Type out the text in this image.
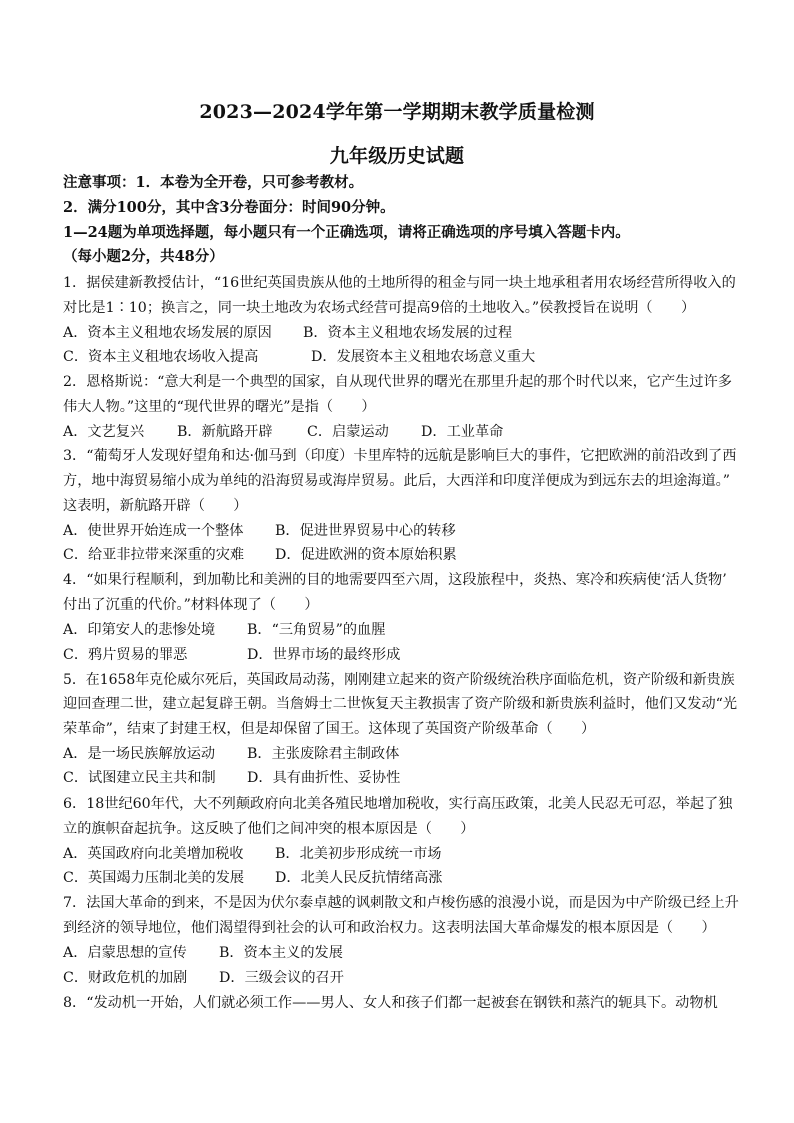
2023—2024学年第一学期期末教学质量检测
九年级历史试题
注意事项：1．本卷为全开卷，只可参考教材。
2．满分100分，其中含3分卷面分：时间90分钟。
1—24题为单项选择题，每小题只有一个正确选项，请将正确选项的序号填入答题卡内。
（每小题2分，共48分）
1．据侯建新教授估计，“16世纪英国贵族从他的土地所得的租金与同一块土地承租者用农场经营所得收入的
对比是1∶10；换言之，同一块土地改为农场式经营可提高9倍的土地收入。”侯教授旨在说明（　　）
A．资本主义租地农场发展的原因 B．资本主义租地农场发展的过程
C．资本主义租地农场收入提高	D．发展资本主义租地农场意义重大
2．恩格斯说：“意大利是一个典型的国家，自从现代世界的曙光在那里升起的那个时代以来，它产生过许多
伟大人物。”这里的“现代世界的曙光”是指（　　）
A．文艺复兴 B．新航路开辟 C．启蒙运动 D．工业革命
3．“葡萄牙人发现好望角和达·伽马到（印度）卡里库特的远航是影响巨大的事件，它把欧洲的前沿改到了西
方，地中海贸易缩小成为单纯的沿海贸易或海岸贸易。此后，大西洋和印度洋便成为到远东去的坦途海道。”
这表明，新航路开辟（　　）
A．使世界开始连成一个整体 B．促进世界贸易中心的转移
C．给亚非拉带来深重的灾难 D．促进欧洲的资本原始积累
4．“如果行程顺利，到加勒比和美洲的目的地需要四至六周，这段旅程中，炎热、寒冷和疾病使‘活人货物’
付出了沉重的代价。”材料体现了（　　）
A．印第安人的悲惨处境 B．“三角贸易”的血腥
C．鸦片贸易的罪恶	D．世界市场的最终形成
5．在1658年克伦威尔死后，英国政局动荡，刚刚建立起来的资产阶级统治秩序面临危机，资产阶级和新贵族
迎回查理二世，建立起复辟王朝。当詹姆士二世恢复天主教损害了资产阶级和新贵族利益时，他们又发动“光
荣革命”，结束了封建王权，但是却保留了国王。这体现了英国资产阶级革命（　　）
A．是一场民族解放运动 B．主张废除君主制政体
C．试图建立民主共和制 D．具有曲折性、妥协性
6．18世纪60年代，大不列颠政府向北美各殖民地增加税收，实行高压政策，北美人民忍无可忍，举起了独
立的旗帜奋起抗争。这反映了他们之间冲突的根本原因是（　　）
A．英国政府向北美增加税收 B．北美初步形成统一市场
C．英国竭力压制北美的发展 D．北美人民反抗情绪高涨
7．法国大革命的到来，不是因为伏尔泰卓越的讽刺散文和卢梭伤感的浪漫小说，而是因为中产阶级已经上升
到经济的领导地位，他们渴望得到社会的认可和政治权力。这表明法国大革命爆发的根本原因是（　　）
A．启蒙思想的宣传 B．资本主义的发展
C．财政危机的加剧 D．三级会议的召开
8．“发动机一开始，人们就必须工作——男人、女人和孩子们都一起被套在钢铁和蒸汽的轭具下。动物机
